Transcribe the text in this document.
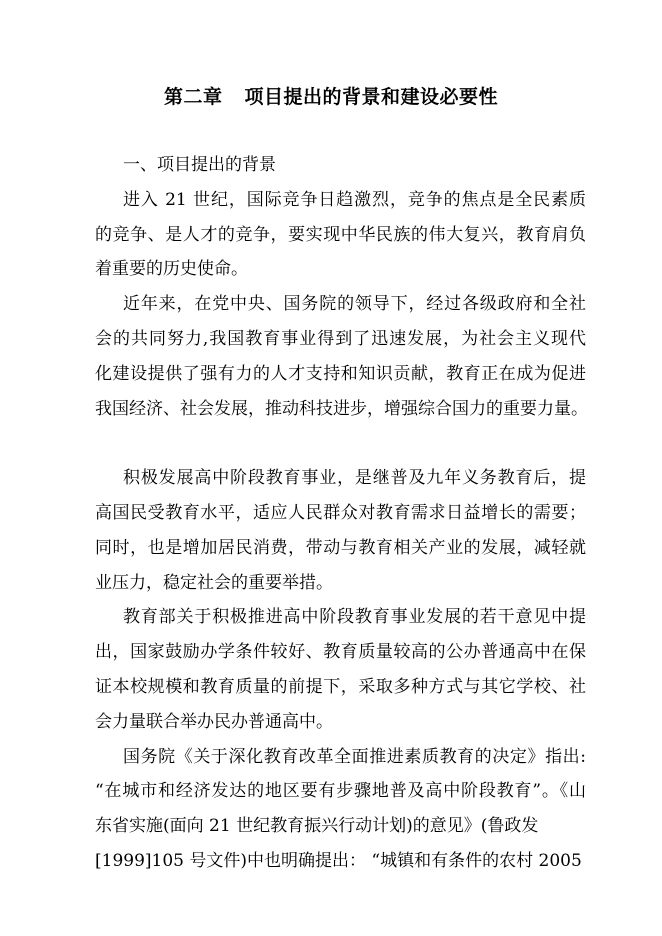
第二章 项目提出的背景和建设必要性
一、项目提出的背景
进入 21 世纪，国际竞争日趋激烈，竞争的焦点是全民素质
的竞争、是人才的竞争，要实现中华民族的伟大复兴，教育肩负
着重要的历史使命。
近年来，在党中央、国务院的领导下，经过各级政府和全社
会的共同努力,我国教育事业得到了迅速发展，为社会主义现代
化建设提供了强有力的人才支持和知识贡献，教育正在成为促进
我国经济、社会发展，推动科技进步，增强综合国力的重要力量。
积极发展高中阶段教育事业，是继普及九年义务教育后，提
高国民受教育水平，适应人民群众对教育需求日益增长的需要；
同时，也是增加居民消费，带动与教育相关产业的发展，减轻就
业压力，稳定社会的重要举措。
教育部关于积极推进高中阶段教育事业发展的若干意见中提
出，国家鼓励办学条件较好、教育质量较高的公办普通高中在保
证本校规模和教育质量的前提下，采取多种方式与其它学校、社
会力量联合举办民办普通高中。
国务院《关于深化教育改革全面推进素质教育的决定》指出:
“在城市和经济发达的地区要有步骤地普及高中阶段教育”。《山
东省实施(面向 21 世纪教育振兴行动计划)的意见》(鲁政发
[1999]105 号文件)中也明确提出： “城镇和有条件的农村 2005
